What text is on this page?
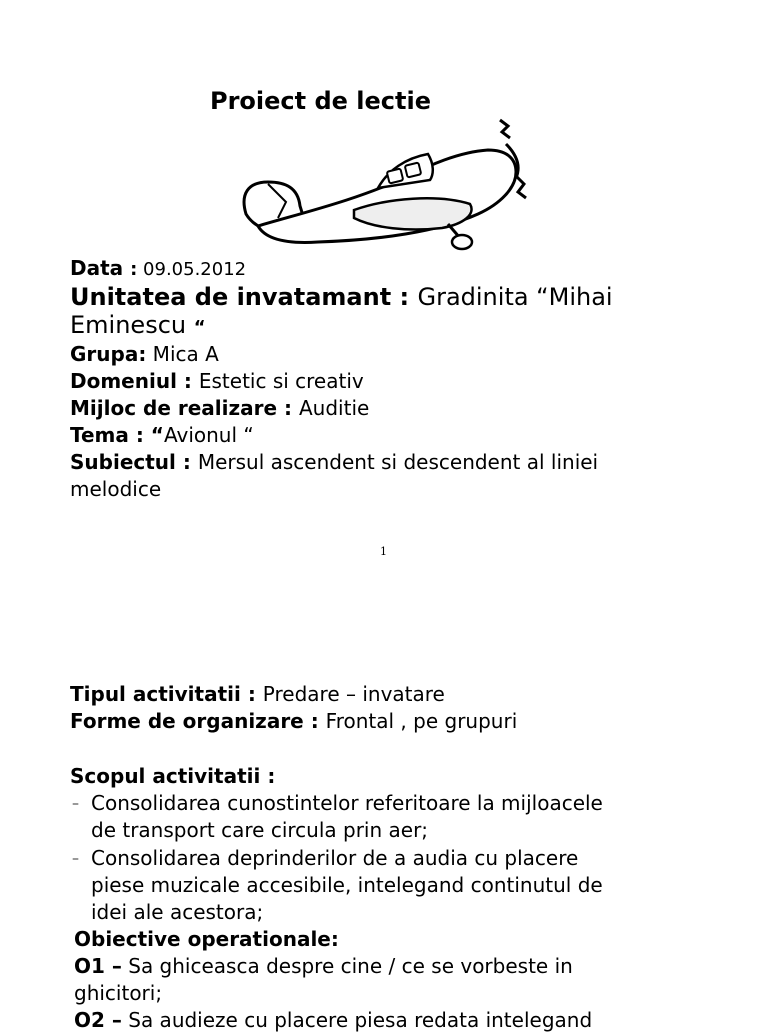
Proiect de lectie
Data : 09.05.2012
Unitatea de invatamant : Gradinita “Mihai
Eminescu “
Grupa: Mica A
Domeniul : Estetic si creativ
Mijloc de realizare : Auditie
Tema : “Avionul “
Subiectul : Mersul ascendent si descendent al liniei
melodice
1
Tipul activitatii : Predare – invatare
Forme de organizare : Frontal , pe grupuri
Scopul activitatii :
– Consolidarea cunostintelor referitoare la mijloacele
de transport care circula prin aer;
– Consolidarea deprinderilor de a audia cu placere
piese muzicale accesibile, intelegand continutul de
idei ale acestora;
Obiective operationale:
O1 – Sa ghiceasca despre cine / ce se vorbeste in
ghicitori;
O2 – Sa audieze cu placere piesa redata intelegand
